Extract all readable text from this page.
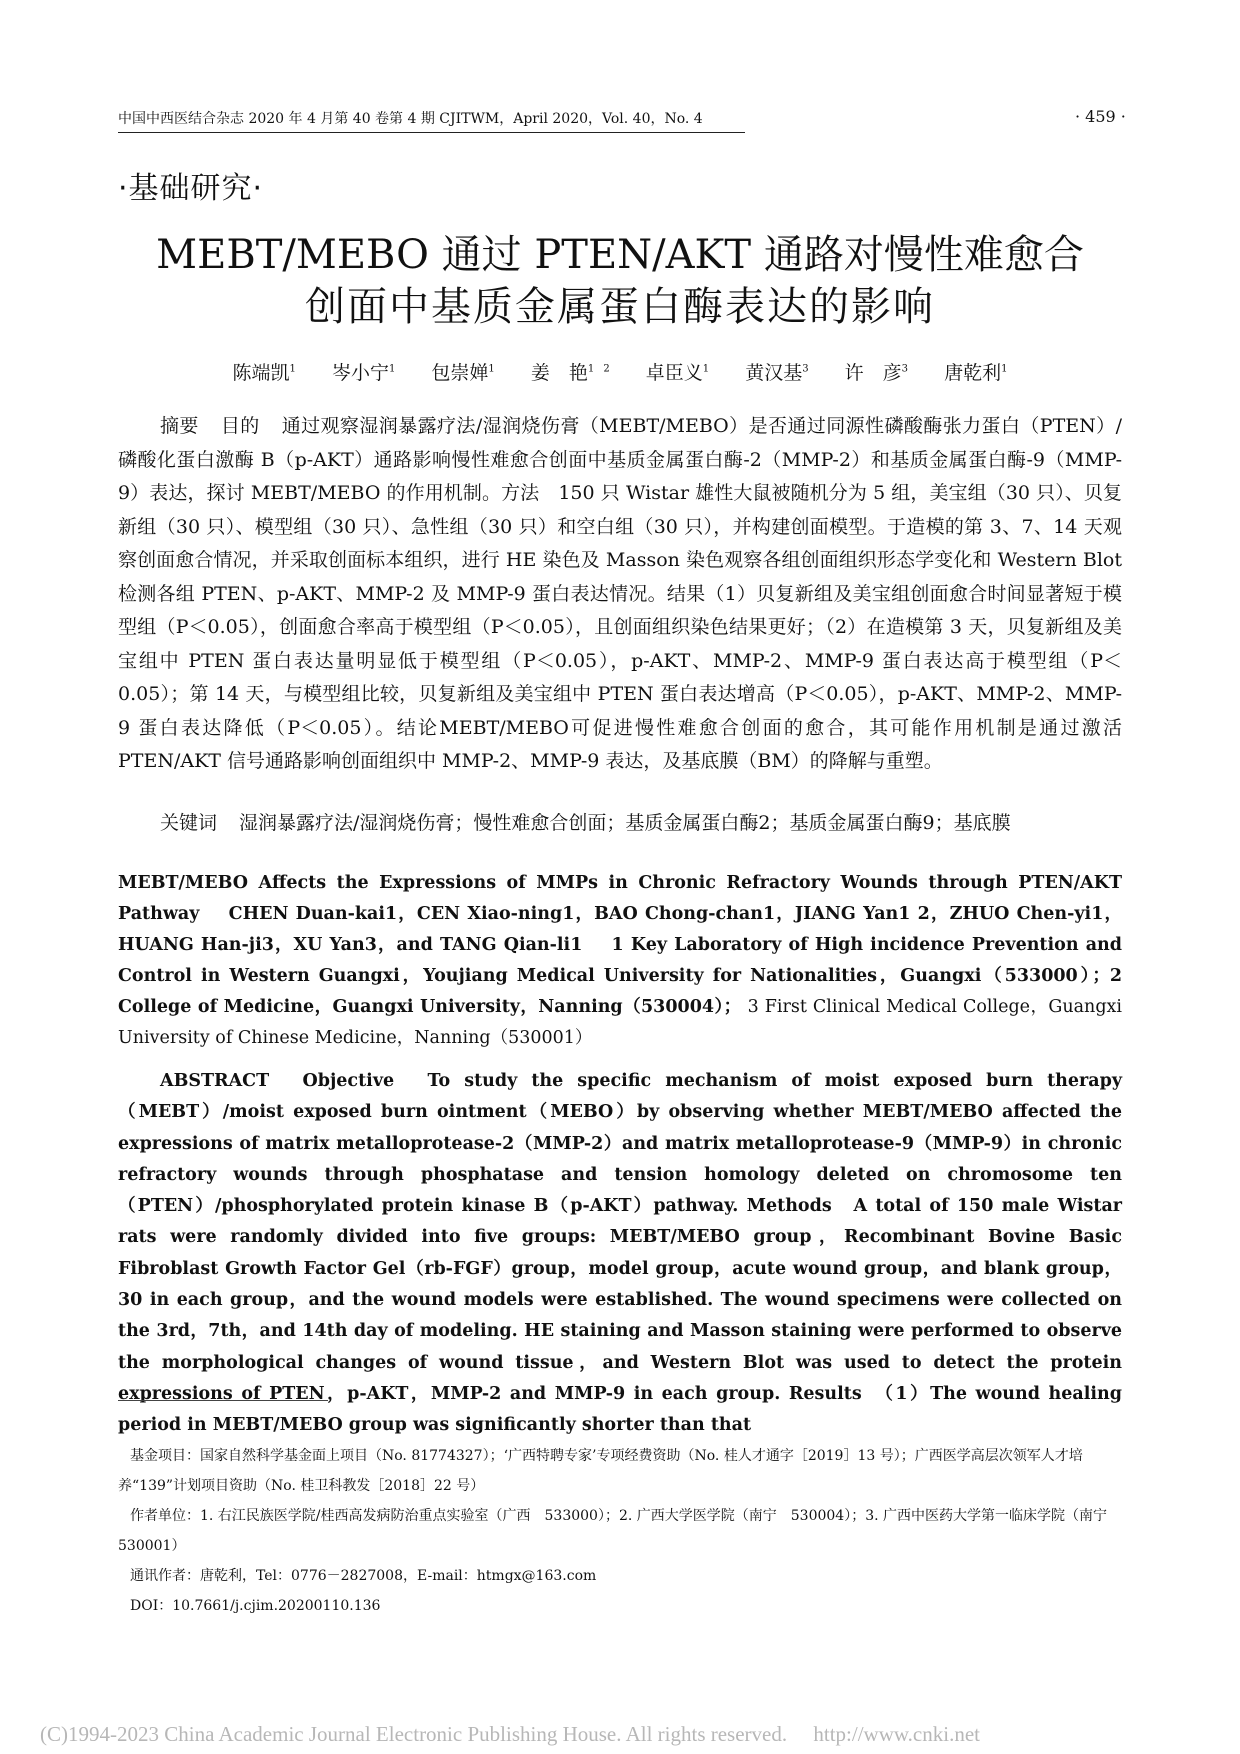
中国中西医结合杂志 2020 年 4 月第 40 卷第 4 期 CJITWM，April 2020，Vol. 40，No. 4	· 459 ·
·基础研究·
MEBT/MEBO 通过 PTEN/AKT 通路对慢性难愈合
创面中基质金属蛋白酶表达的影响
陈端凯$^1$ 岑小宁$^1$ 包崇婵$^1$ 姜　艳$^{1 2}$ 卓臣义$^1$ 黄汉基$^3$ 许　彦$^3$ 唐乾利$^1$
摘要 目的 通过观察湿润暴露疗法/湿润烧伤膏（MEBT/MEBO）是否通过同源性磷酸酶张力蛋白（PTEN）/磷酸化蛋白激酶 B（p-AKT）通路影响慢性难愈合创面中基质金属蛋白酶-2（MMP-2）和基质金属蛋白酶-9（MMP-9）表达，探讨 MEBT/MEBO 的作用机制。方法　150 只 Wistar 雄性大鼠被随机分为 5 组，美宝组（30 只）、贝复新组（30 只）、模型组（30 只）、急性组（30 只）和空白组（30 只），并构建创面模型。于造模的第 3、7、14 天观察创面愈合情况，并采取创面标本组织，进行 HE 染色及 Masson 染色观察各组创面组织形态学变化和 Western Blot 检测各组 PTEN、p-AKT、MMP-2 及 MMP-9 蛋白表达情况。结果（1）贝复新组及美宝组创面愈合时间显著短于模型组（P＜0.05），创面愈合率高于模型组（P＜0.05），且创面组织染色结果更好；（2）在造模第 3 天，贝复新组及美宝组中 PTEN 蛋白表达量明显低于模型组（P＜0.05），p-AKT、MMP-2、MMP-9 蛋白表达高于模型组（P＜0.05）；第 14 天，与模型组比较，贝复新组及美宝组中 PTEN 蛋白表达增高（P＜0.05），p-AKT、MMP-2、MMP-9 蛋白表达降低（P＜0.05）。结论MEBT/MEBO可促进慢性难愈合创面的愈合，其可能作用机制是通过激活 PTEN/AKT 信号通路影响创面组织中 MMP-2、MMP-9 表达，及基底膜（BM）的降解与重塑。
关键词 湿润暴露疗法/湿润烧伤膏；慢性难愈合创面；基质金属蛋白酶2；基质金属蛋白酶9；基底膜
MEBT/MEBO Affects the Expressions of MMPs in Chronic Refractory Wounds through PTEN/AKT Pathway CHEN Duan-kai1，CEN Xiao-ning1，BAO Chong-chan1，JIANG Yan1 2，ZHUO Chen-yi1，HUANG Han-ji3，XU Yan3，and TANG Qian-li1 1 Key Laboratory of High incidence Prevention and Control in Western Guangxi，Youjiang Medical University for Nationalities，Guangxi（533000）；2 College of Medicine，Guangxi University，Nanning（530004）； 3 First Clinical Medical College，Guangxi University of Chinese Medicine，Nanning（530001）
ABSTRACT　Objective　To study the specific mechanism of moist exposed burn therapy（MEBT）/moist exposed burn ointment（MEBO）by observing whether MEBT/MEBO affected the expressions of matrix metalloprotease-2（MMP-2）and matrix metalloprotease-9（MMP-9）in chronic refractory wounds through phosphatase and tension homology deleted on chromosome ten（PTEN）/phosphorylated protein kinase B（p-AKT）pathway. Methods　A total of 150 male Wistar rats were randomly divided into five groups: MEBT/MEBO group，Recombinant Bovine Basic Fibroblast Growth Factor Gel（rb-FGF）group，model group，acute wound group，and blank group，30 in each group，and the wound models were established. The wound specimens were collected on the 3rd，7th，and 14th day of modeling. HE staining and Masson staining were performed to observe the morphological changes of wound tissue，and Western Blot was used to detect the protein expressions of PTEN，p-AKT，MMP-2 and MMP-9 in each group. Results　（1）The wound healing period in MEBT/MEBO group was significantly shorter than that
基金项目：国家自然科学基金面上项目（No. 81774327）；‘广西特聘专家’专项经费资助（No. 桂人才通字［2019］13 号）；广西医学高层次领军人才培养“139”计划项目资助（No. 桂卫科教发［2018］22 号）
作者单位：1. 右江民族医学院/桂西高发病防治重点实验室（广西　533000）；2. 广西大学医学院（南宁　530004）；3. 广西中医药大学第一临床学院（南宁 530001）
通讯作者：唐乾利，Tel：0776－2827008，E-mail：htmgx@163.com
DOI：10.7661/j.cjim.20200110.136
(C)1994-2023 China Academic Journal Electronic Publishing House. All rights reserved.　 http://www.cnki.net
